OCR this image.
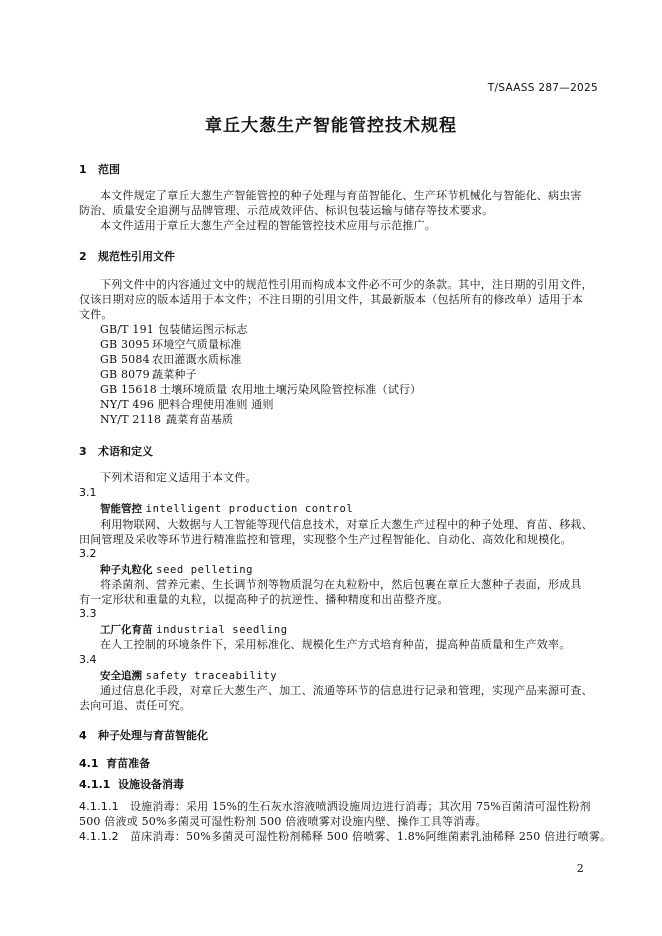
T/SAASS 287—2025
章丘大葱生产智能管控技术规程
1 范围
本文件规定了章丘大葱生产智能管控的种子处理与育苗智能化、生产环节机械化与智能化、病虫害
防治、质量安全追溯与品牌管理、示范成效评估、标识包装运输与储存等技术要求。
本文件适用于章丘大葱生产全过程的智能管控技术应用与示范推广。
2 规范性引用文件
下列文件中的内容通过文中的规范性引用而构成本文件必不可少的条款。其中，注日期的引用文件，
仅该日期对应的版本适用于本文件；不注日期的引用文件，其最新版本（包括所有的修改单）适用于本
文件。
GB/T 191 包装储运图示标志
GB 3095 环境空气质量标准
GB 5084 农田灌溉水质标准
GB 8079 蔬菜种子
GB 15618 土壤环境质量 农用地土壤污染风险管控标准（试行）
NY/T 496 肥料合理使用准则 通则
NY/T 2118 蔬菜育苗基质
3 术语和定义
下列术语和定义适用于本文件。
3.1
智能管控 intelligent production control
利用物联网、大数据与人工智能等现代信息技术，对章丘大葱生产过程中的种子处理、育苗、移栽、
田间管理及采收等环节进行精准监控和管理，实现整个生产过程智能化、自动化、高效化和规模化。
3.2
种子丸粒化 seed pelleting
将杀菌剂、营养元素、生长调节剂等物质混匀在丸粒粉中，然后包裹在章丘大葱种子表面，形成具
有一定形状和重量的丸粒，以提高种子的抗逆性、播种精度和出苗整齐度。
3.3
工厂化育苗 industrial seedling
在人工控制的环境条件下，采用标准化、规模化生产方式培育种苗，提高种苗质量和生产效率。
3.4
安全追溯 safety traceability
通过信息化手段，对章丘大葱生产、加工、流通等环节的信息进行记录和管理，实现产品来源可查、
去向可追、责任可究。
4 种子处理与育苗智能化
4.1 育苗准备
4.1.1 设施设备消毒
4.1.1.1 设施消毒：采用 15%的生石灰水溶液喷洒设施周边进行消毒；其次用 75%百菌清可湿性粉剂
500 倍液或 50%多菌灵可湿性粉剂 500 倍液喷雾对设施内壁、操作工具等消毒。
4.1.1.2 苗床消毒：50%多菌灵可湿性粉剂稀释 500 倍喷雾、1.8%阿维菌素乳油稀释 250 倍进行喷雾。
2
